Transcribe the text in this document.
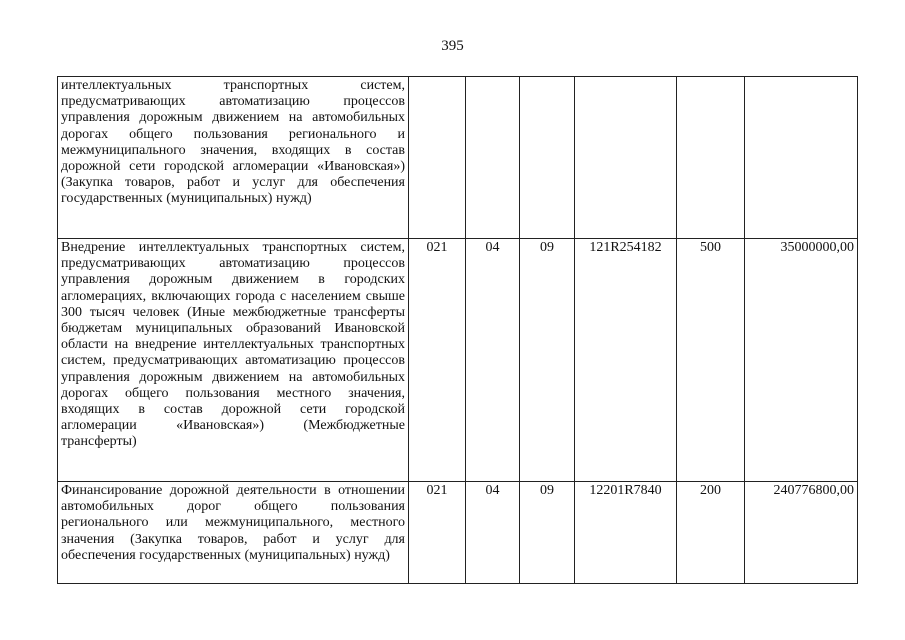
395
интеллектуальных транспортных систем, предусматривающих автоматизацию процессов управления дорожным движением на автомобильных дорогах общего пользования регионального и межмуниципального значения, входящих в состав дорожной сети городской агломерации «Ивановская») (Закупка товаров, работ и услуг для обеспечения государственных (муниципальных) нужд)						

Внедрение интеллектуальных транспортных систем, предусматривающих автоматизацию процессов управления дорожным движением в городских агломерациях, включающих города с населением свыше 300 тысяч человек (Иные межбюджетные трансферты бюджетам муниципальных образований Ивановской области на внедрение интеллектуальных транспортных систем, предусматривающих автоматизацию процессов управления дорожным движением на автомобильных дорогах общего пользования местного значения, входящих в состав дорожной сети городской агломерации «Ивановская») (Межбюджетные трансферты)	021	04	09	121R254182	500	35000000,00

Финансирование дорожной деятельности в отношении автомобильных дорог общего пользования регионального или межмуниципального, местного значения (Закупка товаров, работ и услуг для обеспечения государственных (муниципальных) нужд)	021	04	09	12201R7840	200	240776800,00
